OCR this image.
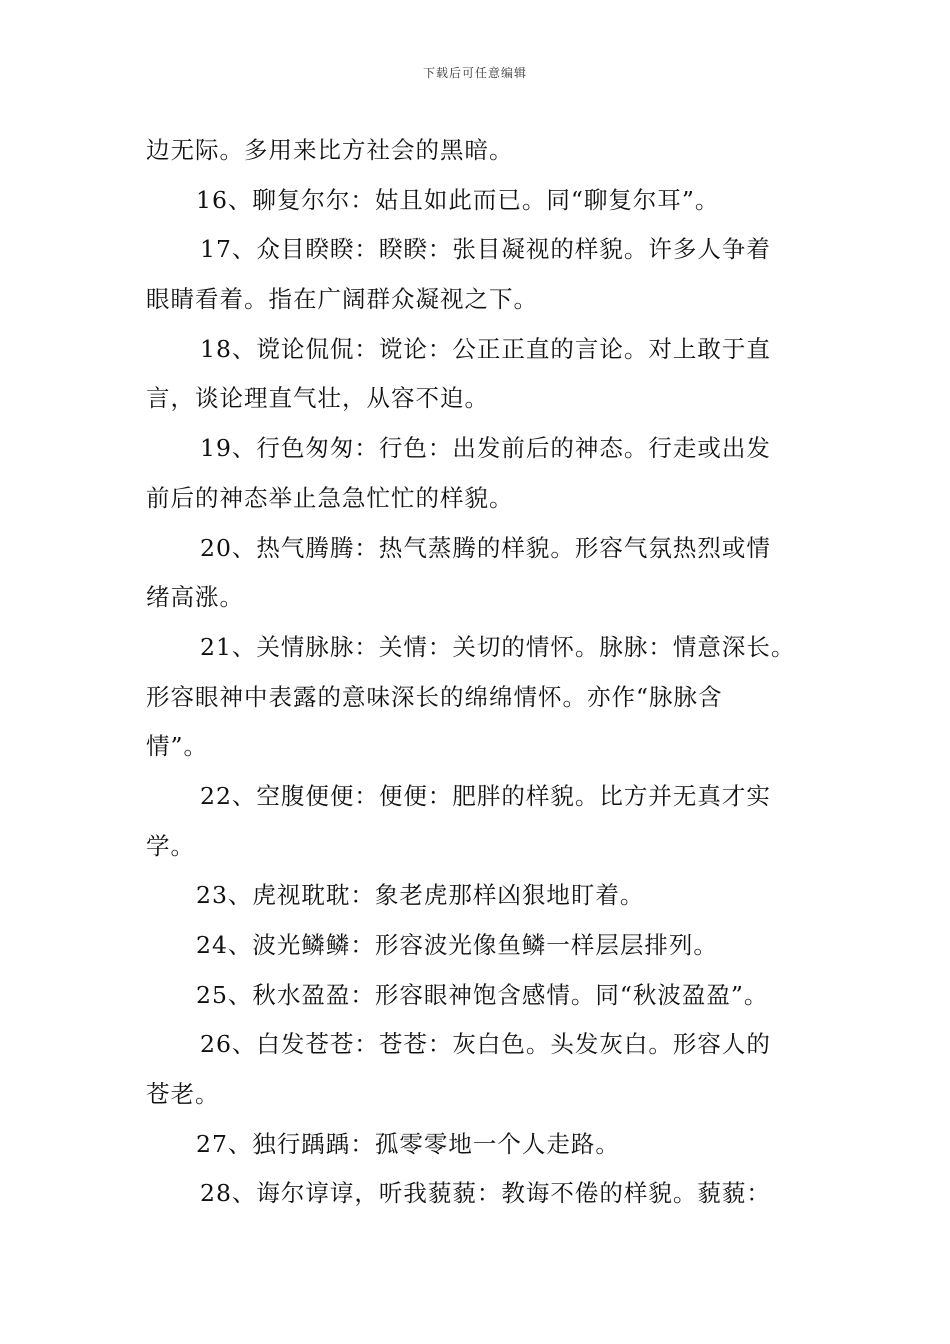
下载后可任意编辑
边无际。多用来比方社会的黑暗。
16、聊复尔尔：姑且如此而已。同“聊复尔耳”。
17、众目睽睽：睽睽：张目凝视的样貌。许多人争着
眼睛看着。指在广阔群众凝视之下。
18、谠论侃侃：谠论：公正正直的言论。对上敢于直
言，谈论理直气壮，从容不迫。
19、行色匆匆：行色：出发前后的神态。行走或出发
前后的神态举止急急忙忙的样貌。
20、热气腾腾：热气蒸腾的样貌。形容气氛热烈或情
绪高涨。
21、关情脉脉：关情：关切的情怀。脉脉：情意深长。
形容眼神中表露的意味深长的绵绵情怀。亦作“脉脉含
情”。
22、空腹便便：便便：肥胖的样貌。比方并无真才实
学。
23、虎视耽耽：象老虎那样凶狠地盯着。
24、波光鳞鳞：形容波光像鱼鳞一样层层排列。
25、秋水盈盈：形容眼神饱含感情。同“秋波盈盈”。
26、白发苍苍：苍苍：灰白色。头发灰白。形容人的
苍老。
27、独行踽踽：孤零零地一个人走路。
28、诲尔谆谆，听我藐藐：教诲不倦的样貌。藐藐：
